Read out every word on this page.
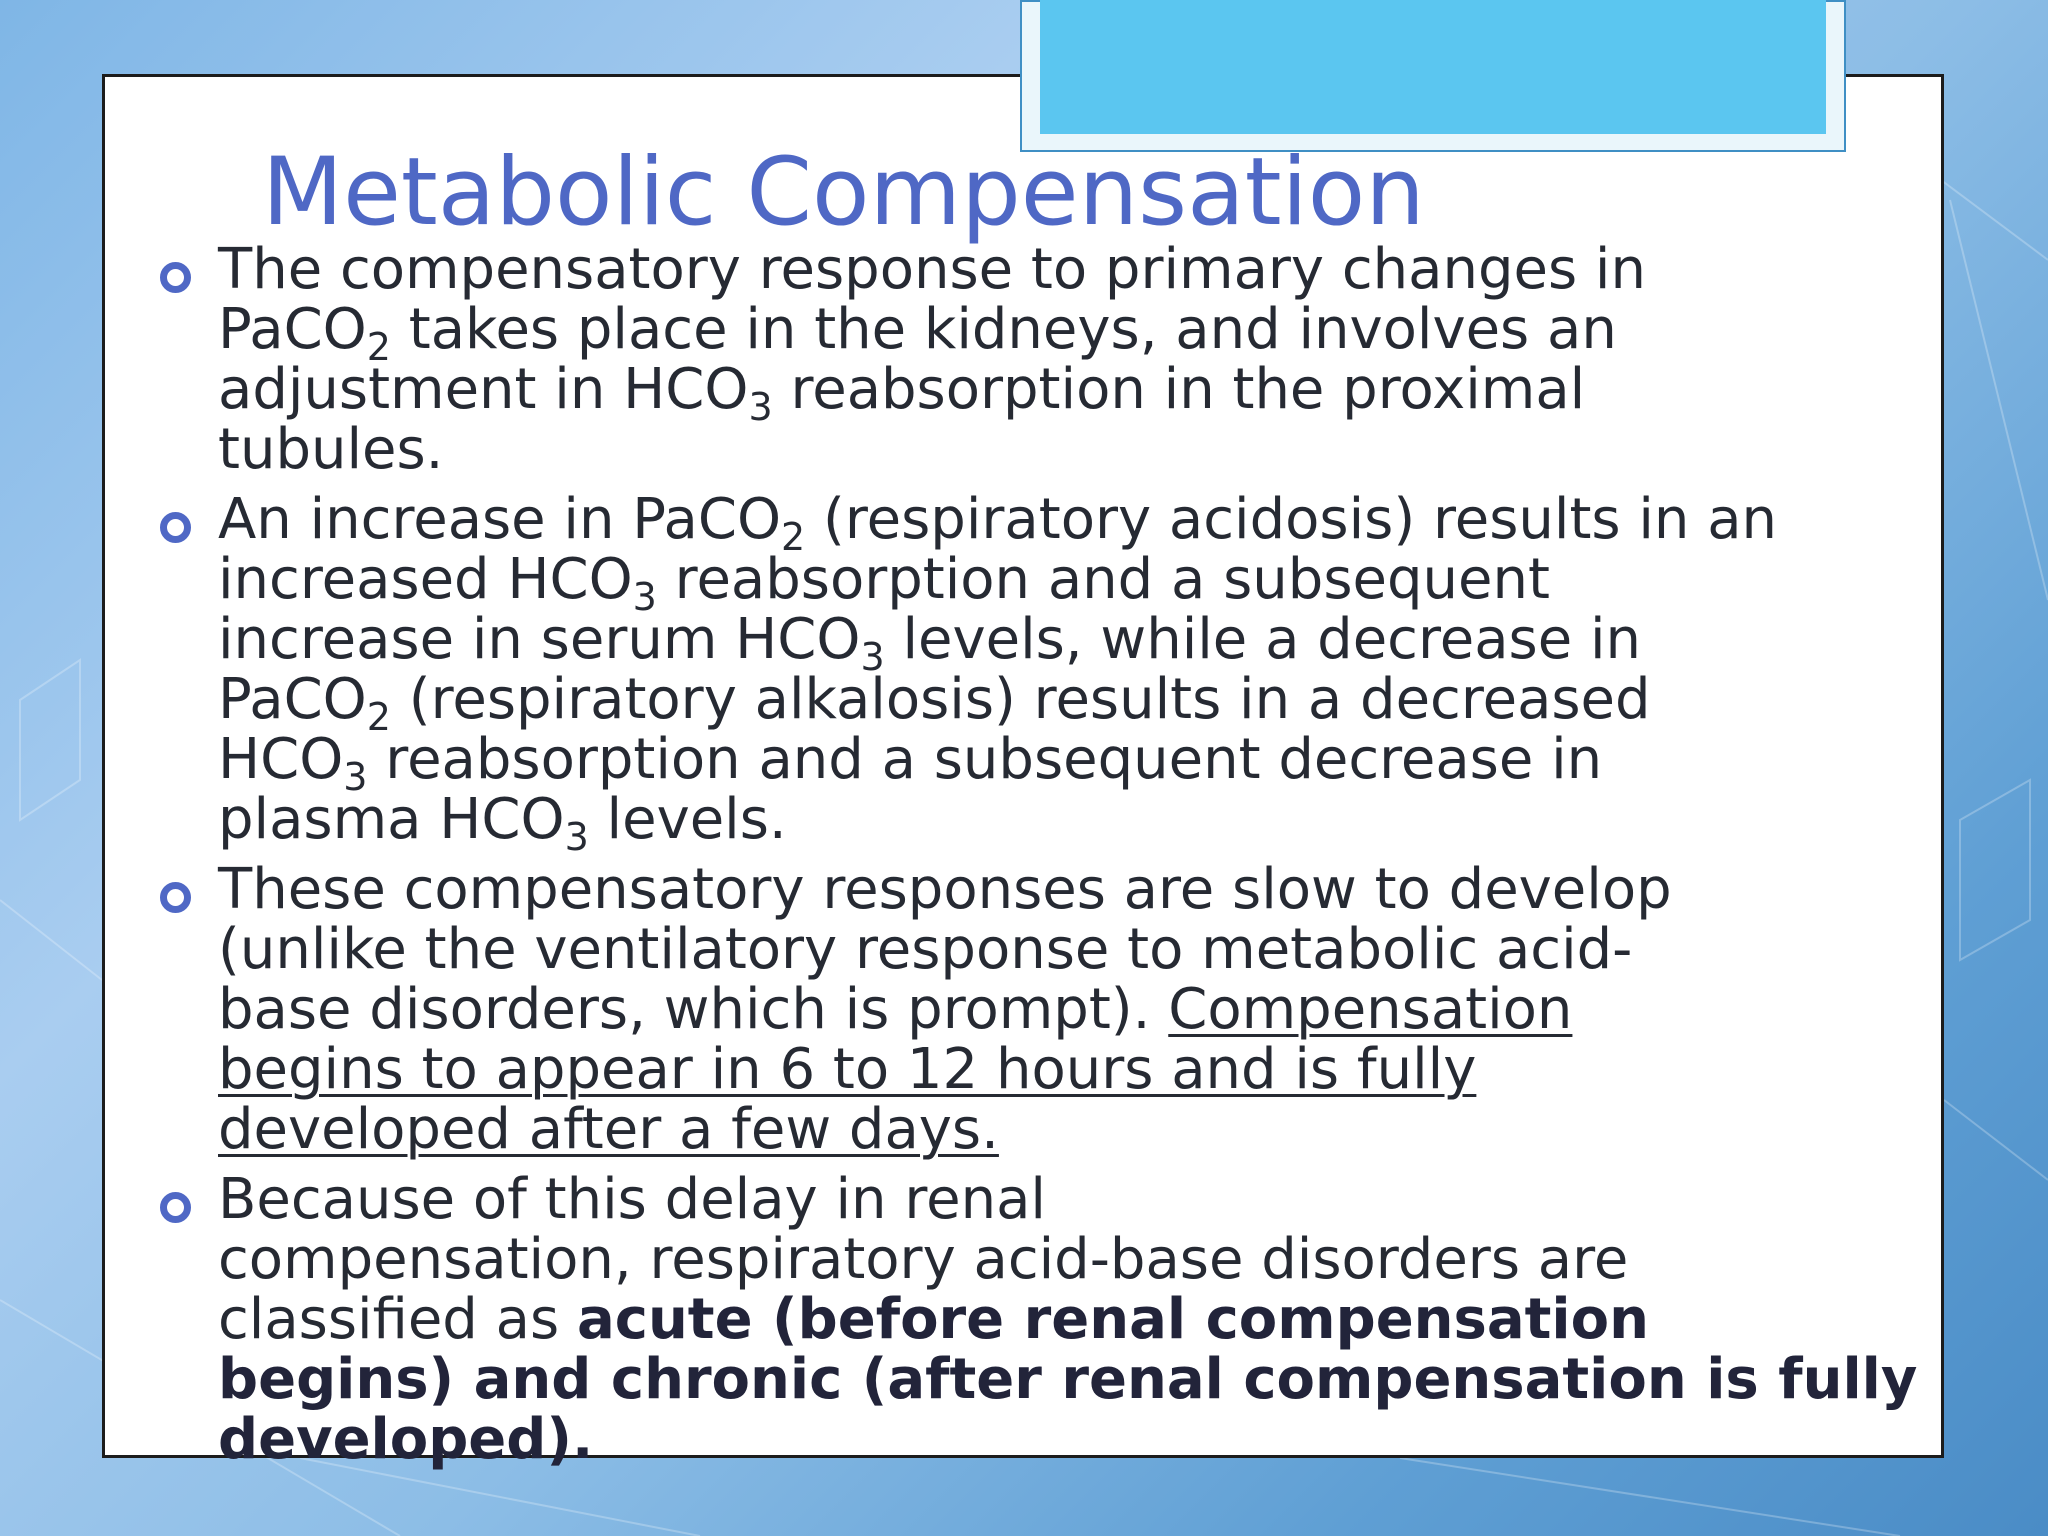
Metabolic Compensation

The compensatory response to primary changes in
PaCO$_2$ takes place in the kidneys, and involves an
adjustment in $HCO_3$ reabsorption in the proximal
tubules.

An increase in PaCO$_2$ (respiratory acidosis) results in an
increased $HCO_3$ reabsorption and a subsequent
increase in serum $HCO_3$ levels, while a decrease in
PaCO$_2$ (respiratory alkalosis) results in a decreased
$HCO_3$ reabsorption and a subsequent decrease in
plasma $HCO_3$ levels.

These compensatory responses are slow to develop
(unlike the ventilatory response to metabolic acid-
base disorders, which is prompt). Compensation
begins to appear in 6 to 12 hours and is fully
developed after a few days.

Because of this delay in renal
compensation, respiratory acid-base disorders are
classified as acute (before renal compensation
begins) and chronic (after renal compensation is fully
developed).
